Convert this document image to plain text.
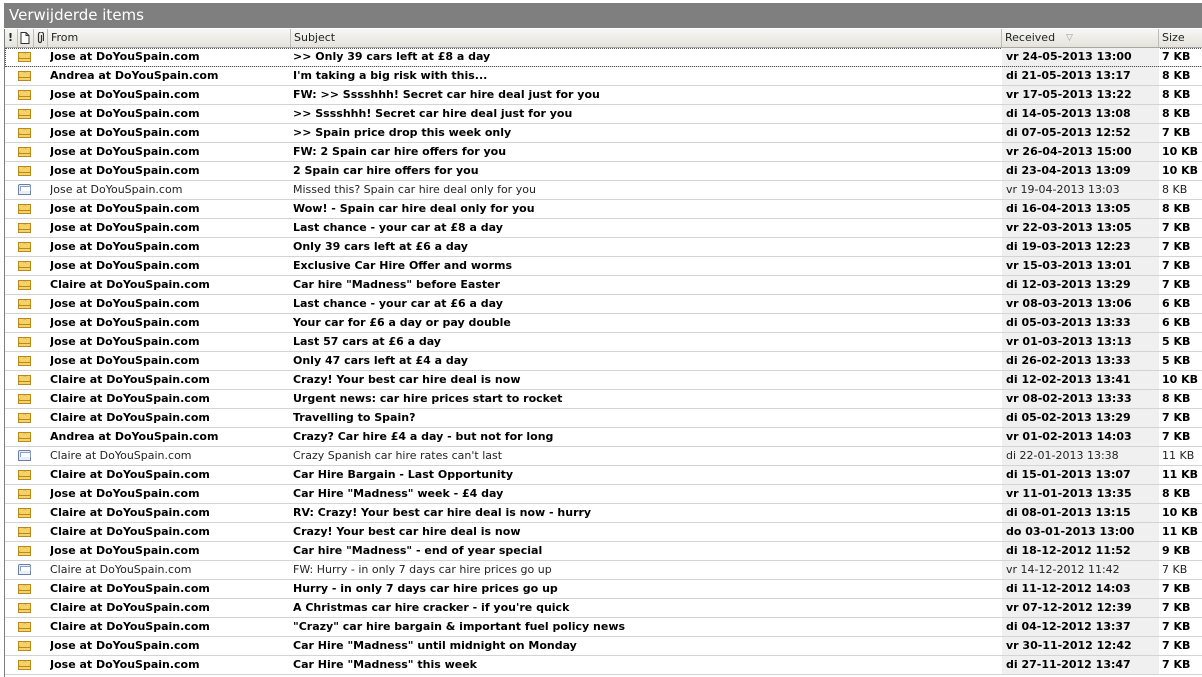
Verwijderde items
!	From	Subject	Received ▽	Size
Jose at DoYouSpain.com	>> Only 39 cars left at £8 a day	vr 24-05-2013 13:00	7 KB
Andrea at DoYouSpain.com	I'm taking a big risk with this...	di 21-05-2013 13:17	8 KB
Jose at DoYouSpain.com	FW: >> Sssshhh! Secret car hire deal just for you	vr 17-05-2013 13:22	8 KB
Jose at DoYouSpain.com	>> Sssshhh! Secret car hire deal just for you	di 14-05-2013 13:08	8 KB
Jose at DoYouSpain.com	>> Spain price drop this week only	di 07-05-2013 12:52	7 KB
Jose at DoYouSpain.com	FW: 2 Spain car hire offers for you	vr 26-04-2013 15:00	10 KB
Jose at DoYouSpain.com	2 Spain car hire offers for you	di 23-04-2013 13:09	10 KB
Jose at DoYouSpain.com	Missed this? Spain car hire deal only for you	vr 19-04-2013 13:03	8 KB
Jose at DoYouSpain.com	Wow! - Spain car hire deal only for you	di 16-04-2013 13:05	8 KB
Jose at DoYouSpain.com	Last chance - your car at £8 a day	vr 22-03-2013 13:05	7 KB
Jose at DoYouSpain.com	Only 39 cars left at £6 a day	di 19-03-2013 12:23	7 KB
Jose at DoYouSpain.com	Exclusive Car Hire Offer and worms	vr 15-03-2013 13:01	7 KB
Claire at DoYouSpain.com	Car hire "Madness" before Easter	di 12-03-2013 13:29	7 KB
Jose at DoYouSpain.com	Last chance - your car at £6 a day	vr 08-03-2013 13:06	6 KB
Jose at DoYouSpain.com	Your car for £6 a day or pay double	di 05-03-2013 13:33	6 KB
Jose at DoYouSpain.com	Last 57 cars at £6 a day	vr 01-03-2013 13:13	5 KB
Jose at DoYouSpain.com	Only 47 cars left at £4 a day	di 26-02-2013 13:33	5 KB
Claire at DoYouSpain.com	Crazy! Your best car hire deal is now	di 12-02-2013 13:41	10 KB
Claire at DoYouSpain.com	Urgent news: car hire prices start to rocket	vr 08-02-2013 13:33	8 KB
Claire at DoYouSpain.com	Travelling to Spain?	di 05-02-2013 13:29	7 KB
Andrea at DoYouSpain.com	Crazy? Car hire £4 a day - but not for long	vr 01-02-2013 14:03	7 KB
Claire at DoYouSpain.com	Crazy Spanish car hire rates can't last	di 22-01-2013 13:38	11 KB
Claire at DoYouSpain.com	Car Hire Bargain - Last Opportunity	di 15-01-2013 13:07	11 KB
Jose at DoYouSpain.com	Car Hire "Madness" week - £4 day	vr 11-01-2013 13:35	8 KB
Claire at DoYouSpain.com	RV: Crazy! Your best car hire deal is now - hurry	di 08-01-2013 13:15	10 KB
Claire at DoYouSpain.com	Crazy! Your best car hire deal is now	do 03-01-2013 13:00	11 KB
Jose at DoYouSpain.com	Car hire "Madness" - end of year special	di 18-12-2012 11:52	9 KB
Claire at DoYouSpain.com	FW: Hurry - in only 7 days car hire prices go up	vr 14-12-2012 11:42	7 KB
Claire at DoYouSpain.com	Hurry - in only 7 days car hire prices go up	di 11-12-2012 14:03	7 KB
Claire at DoYouSpain.com	A Christmas car hire cracker - if you're quick	vr 07-12-2012 12:39	7 KB
Claire at DoYouSpain.com	"Crazy" car hire bargain & important fuel policy news	di 04-12-2012 13:37	7 KB
Jose at DoYouSpain.com	Car Hire "Madness" until midnight on Monday	vr 30-11-2012 12:42	7 KB
Jose at DoYouSpain.com	Car Hire "Madness" this week	di 27-11-2012 13:47	7 KB
